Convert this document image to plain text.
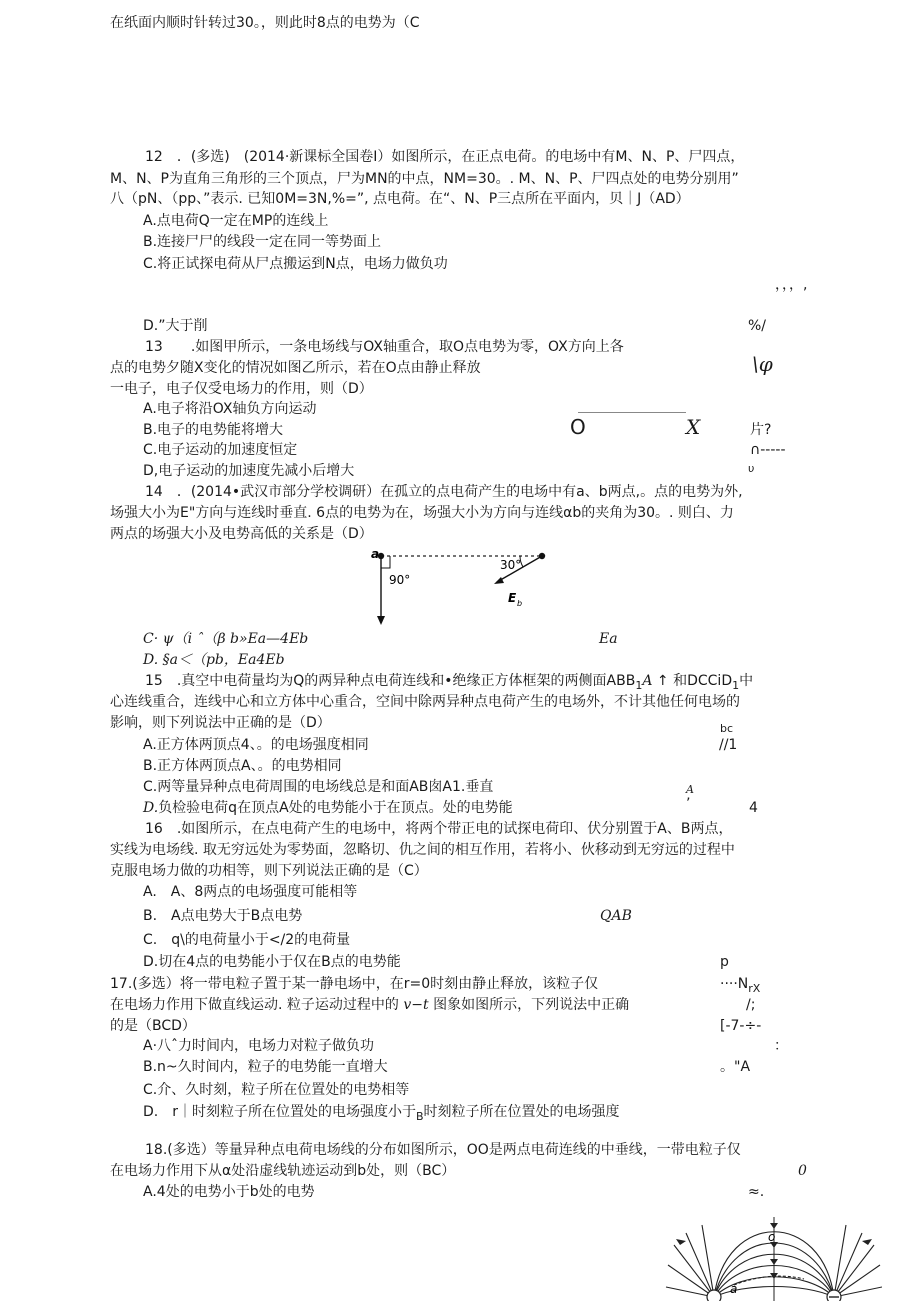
在纸面内顺时针转过30。，则此时8点的电势为（C
12　．(多选)　(2014·新课标全国卷Ⅰ）如图所示，在正点电荷。的电场中有M、N、P、尸四点，
M、N、P为直角三角形的三个顶点，尸为MN的中点，NM=30。. M、N、P、尸四点处的电势分别用”
八（pN、（pp、”表示. 已知0M=3N,%=”, 点电荷。在“、N、P三点所在平面内，贝｜J（AD）
A.点电荷Q一定在MP的连线上
B.连接尸尸的线段一定在同一等势面上
C.将正试探电荷从尸点搬运到N点，电场力做负功
，，，,
D.”大于削	%/
13　　.如图甲所示，一条电场线与OX轴重合，取O点电势为零，OX方向上各
点的电势夕随X变化的情况如图乙所示，若在O点由静止释放
一电子，电子仅受电场力的作用，则（D）
A.电子将沿OX轴负方向运动
B.电子的电势能将增大
C.电子运动的加速度恒定
D,电子运动的加速度先减小后增大
\φ
O	X	片?
∩-----
υ
14　．(2014•武汉市部分学校调研）在孤立的点电荷产生的电场中有a、b两点,。点的电势为外,
场强大小为E"方向与连线时垂直. 6点的电势为在，场强大小为方向与连线αb的夹角为30。. 则白、力
两点的场强大小及电势高低的关系是（D）
a
90°
30°
E b
C· ψ（i ˆ（β b»Ea—4Eb	Ea
D. §a＜（pb，Ea4Eb
15　.真空中电荷量均为Q的两异种点电荷连线和•绝缘正方体框架的两侧面$ABB_1A$ ↑ 和DCCiD$_1$中
心连线重合，连线中心和立方体中心重合，空间中除两异种点电荷产生的电场外，不计其他任何电场的
影响，则下列说法中正确的是（D）
A.正方体两顶点4、。的电场强度相同
B.正方体两顶点A、。的电势相同
C.两等量异种点电荷周围的电场线总是和面AB囱A1.垂直
D.负检验电荷q在顶点A处的电势能小于在顶点。处的电势能
bc
//1
A
’	4
16　.如图所示，在点电荷产生的电场中，将两个带正电的试探电荷印、伏分别置于A、B两点，
实线为电场线. 取无穷远处为零势面，忽略切、仇之间的相互作用，若将小、伙移动到无穷远的过程中
克服电场力做的功相等，则下列说法正确的是（C）
A.　A、8两点的电场强度可能相等
B.　A点电势大于B点电势	QAB
C.　q\的电荷量小于</2的电荷量
D.切在4点的电势能小于仅在B点的电势能	p
17.(多选）将一带电粒子置于某一静电场中，在r=0时刻由静止释放，该粒子仅
在电场力作用下做直线运动. 粒子运动过程中的 v−t 图象如图所示，下列说法中正确
的是（BCD）
A·八ˆ力时间内，电场力对粒子做负功
B.n~久时间内，粒子的电势能一直增大
C.介、久时刻，粒子所在位置处的电势相等
D.　r｜时刻粒子所在位置处的电场强度小于$_B$时刻粒子所在位置处的电场强度
$\cdot\cdot\cdot\cdot N_{rX}$
/;
[-7-÷-
：
。"A
18.(多选）等量异种点电荷电场线的分布如图所示，OO是两点电荷连线的中垂线，一带电粒子仅
在电场力作用下从α处沿虚线轨迹运动到b处，则（BC）	0
A.4处的电势小于b处的电势	≈.
o
a
